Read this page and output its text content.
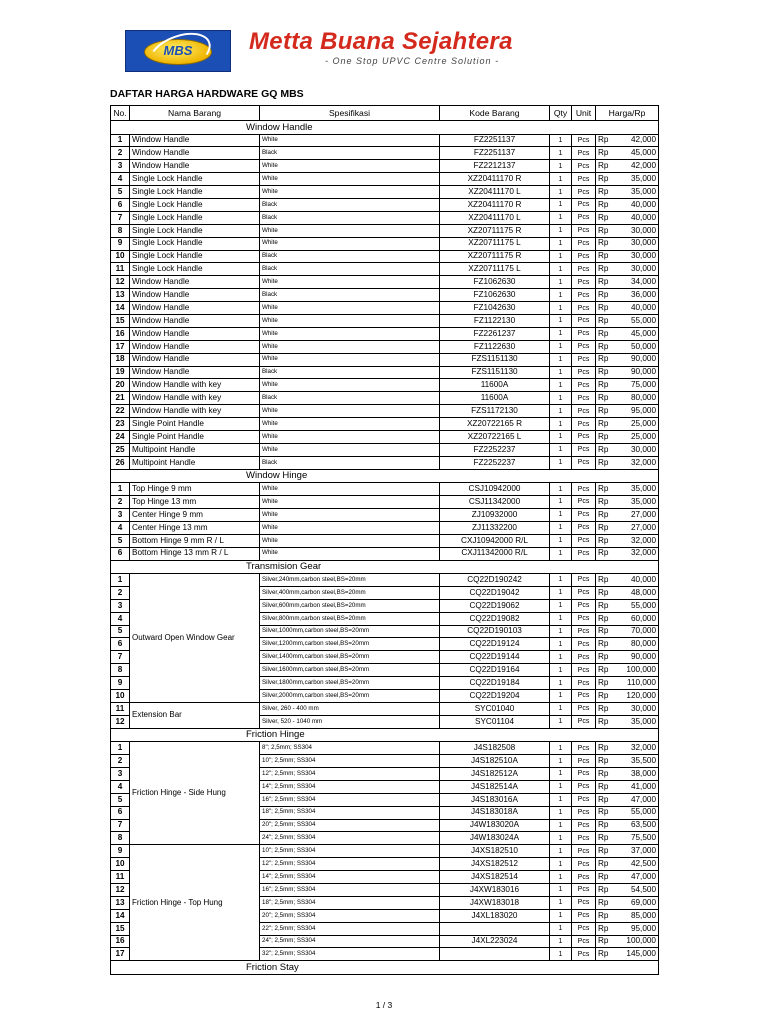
MBS	Metta Buana Sejahtera
- One Stop UPVC Centre Solution -
DAFTAR HARGA HARDWARE GQ MBS
No.	Nama Barang	Spesifikasi	Kode Barang	Qty	Unit	Harga/Rp	
Window Handle							
1	Window Handle	White	FZ2251137	1	Pcs	Rp	42,000
2	Window Handle	Black	FZ2251137	1	Pcs	Rp	45,000
3	Window Handle	White	FZ2212137	1	Pcs	Rp	42,000
4	Single Lock Handle	White	XZ20411170 R	1	Pcs	Rp	35,000
5	Single Lock Handle	White	XZ20411170 L	1	Pcs	Rp	35,000
6	Single Lock Handle	Black	XZ20411170 R	1	Pcs	Rp	40,000
7	Single Lock Handle	Black	XZ20411170 L	1	Pcs	Rp	40,000
8	Single Lock Handle	White	XZ20711175 R	1	Pcs	Rp	30,000
9	Single Lock Handle	White	XZ20711175 L	1	Pcs	Rp	30,000
10	Single Lock Handle	Black	XZ20711175 R	1	Pcs	Rp	30,000
11	Single Lock Handle	Black	XZ20711175 L	1	Pcs	Rp	30,000
12	Window Handle	White	FZ1062630	1	Pcs	Rp	34,000
13	Window Handle	Black	FZ1062630	1	Pcs	Rp	36,000
14	Window Handle	White	FZ1042630	1	Pcs	Rp	40,000
15	Window Handle	White	FZ1122130	1	Pcs	Rp	55,000
16	Window Handle	White	FZ2261237	1	Pcs	Rp	45,000
17	Window Handle	White	FZ1122630	1	Pcs	Rp	50,000
18	Window Handle	White	FZS1151130	1	Pcs	Rp	90,000
19	Window Handle	Black	FZS1151130	1	Pcs	Rp	90,000
20	Window Handle with key	White	11600A	1	Pcs	Rp	75,000
21	Window Handle with key	Black	11600A	1	Pcs	Rp	80,000
22	Window Handle with key	White	FZS1172130	1	Pcs	Rp	95,000
23	Single Point Handle	White	XZ20722165 R	1	Pcs	Rp	25,000
24	Single Point Handle	White	XZ20722165 L	1	Pcs	Rp	25,000
25	Multipoint Handle	White	FZ2252237	1	Pcs	Rp	30,000
26	Multipoint Handle	Black	FZ2252237	1	Pcs	Rp	32,000
Window Hinge							
1	Top Hinge 9 mm	White	CSJ10942000	1	Pcs	Rp	35,000
2	Top Hinge 13 mm	White	CSJ11342000	1	Pcs	Rp	35,000
3	Center Hinge 9 mm	White	ZJ10932000	1	Pcs	Rp	27,000
4	Center Hinge 13 mm	White	ZJ11332200	1	Pcs	Rp	27,000
5	Bottom Hinge 9 mm R / L	White	CXJ10942000 R/L	1	Pcs	Rp	32,000
6	Bottom Hinge 13 mm R / L	White	CXJ11342000 R/L	1	Pcs	Rp	32,000
Transmision Gear							
1	Outward Open Window Gear	Silver,240mm,carbon steel,BS=20mm	CQ22D190242	1	Pcs	Rp	40,000
2		Silver,400mm,carbon steel,BS=20mm	CQ22D19042	1	Pcs	Rp	48,000
3		Silver,600mm,carbon steel,BS=20mm	CQ22D19062	1	Pcs	Rp	55,000
4		Silver,800mm,carbon steel,BS=20mm	CQ22D19082	1	Pcs	Rp	60,000
5		Silver,1000mm,carbon steel,BS=20mm	CQ22D190103	1	Pcs	Rp	70,000
6		Silver,1200mm,carbon steel,BS=20mm	CQ22D19124	1	Pcs	Rp	80,000
7		Silver,1400mm,carbon steel,BS=20mm	CQ22D19144	1	Pcs	Rp	90,000
8		Silver,1600mm,carbon steel,BS=20mm	CQ22D19164	1	Pcs	Rp	100,000
9		Silver,1800mm,carbon steel,BS=20mm	CQ22D19184	1	Pcs	Rp	110,000
10		Silver,2000mm,carbon steel,BS=20mm	CQ22D19204	1	Pcs	Rp	120,000
11	Extension Bar	Silver, 260 - 400 mm	SYC01040	1	Pcs	Rp	30,000
12		Silver, 520 - 1040 mm	SYC01104	1	Pcs	Rp	35,000
Friction Hinge							
1	Friction Hinge - Side Hung	8"; 2,5mm; SS304	J4S182508	1	Pcs	Rp	32,000
2		10"; 2,5mm; SS304	J4S182510A	1	Pcs	Rp	35,500
3		12"; 2,5mm; SS304	J4S182512A	1	Pcs	Rp	38,000
4		14"; 2,5mm; SS304	J4S182514A	1	Pcs	Rp	41,000
5		16"; 2,5mm; SS304	J4S183016A	1	Pcs	Rp	47,000
6		18"; 2,5mm; SS304	J4S183018A	1	Pcs	Rp	55,000
7		20"; 2,5mm; SS304	J4W183020A	1	Pcs	Rp	63,500
8		24"; 2,5mm; SS304	J4W183024A	1	Pcs	Rp	75,500
9	Friction Hinge - Top Hung	10"; 2,5mm; SS304	J4XS182510	1	Pcs	Rp	37,000
10		12"; 2,5mm; SS304	J4XS182512	1	Pcs	Rp	42,500
11		14"; 2,5mm; SS304	J4XS182514	1	Pcs	Rp	47,000
12		16"; 2,5mm; SS304	J4XW183016	1	Pcs	Rp	54,500
13		18"; 2,5mm; SS304	J4XW183018	1	Pcs	Rp	69,000
14		20"; 2,5mm; SS304	J4XL183020	1	Pcs	Rp	85,000
15		22"; 2,5mm; SS304		1	Pcs	Rp	95,000
16		24"; 2,5mm; SS304	J4XL223024	1	Pcs	Rp	100,000
17		32"; 2,5mm; SS304		1	Pcs	Rp	145,000
Friction Stay							
1 / 3
